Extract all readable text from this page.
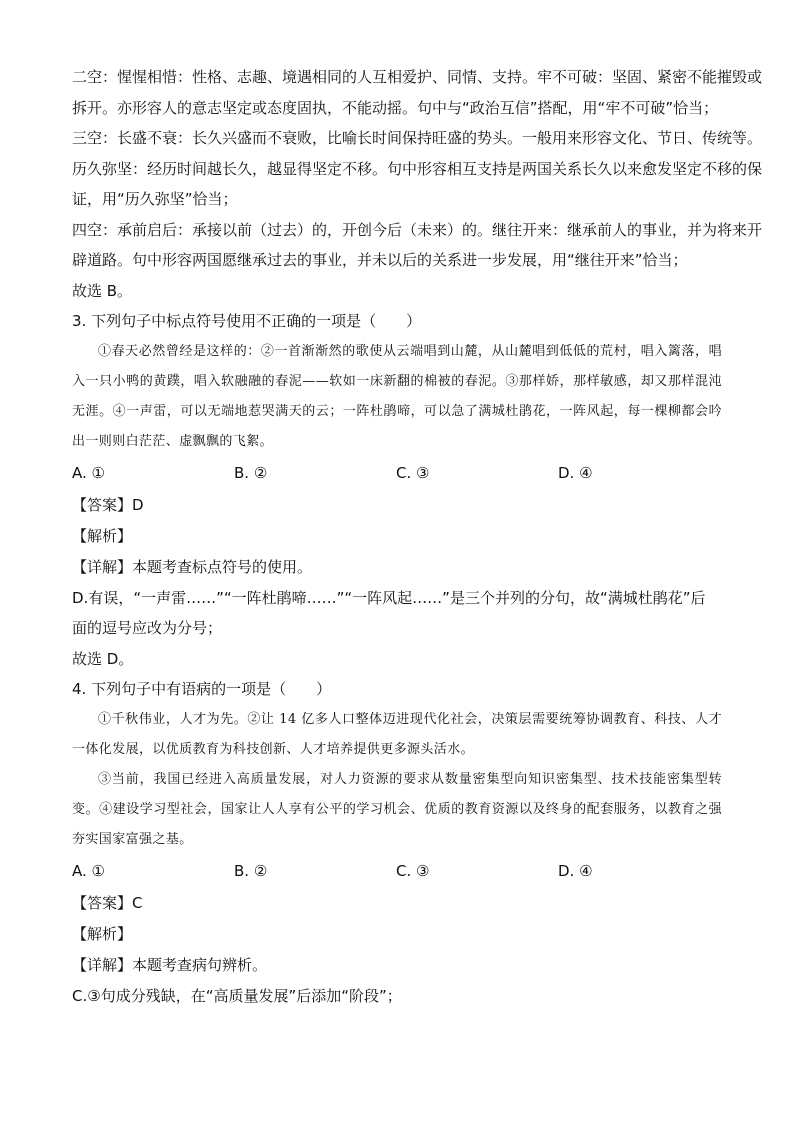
二空：惺惺相惜：性格、志趣、境遇相同的人互相爱护、同情、支持。牢不可破：坚固、紧密不能摧毁或

拆开。亦形容人的意志坚定或态度固执，不能动摇。句中与“政治互信”搭配，用“牢不可破”恰当；

三空：长盛不衰：长久兴盛而不衰败，比喻长时间保持旺盛的势头。一般用来形容文化、节日、传统等。

历久弥坚：经历时间越长久，越显得坚定不移。句中形容相互支持是两国关系长久以来愈发坚定不移的保

证，用“历久弥坚”恰当；

四空：承前启后：承接以前（过去）的，开创今后（未来）的。继往开来：继承前人的事业，并为将来开

辟道路。句中形容两国愿继承过去的事业，并未以后的关系进一步发展，用“继往开来”恰当；

故选 B。

3. 下列句子中标点符号使用不正确的一项是（　　）

①春天必然曾经是这样的：②一首渐渐然的歌使从云端唱到山麓，从山麓唱到低低的荒村，唱入篱落，唱入一只小鸭的黄蹼，唱入软融融的春泥——软如一床新翻的棉被的春泥。③那样娇，那样敏感，却又那样混沌无涯。④一声雷，可以无端地惹哭满天的云；一阵杜鹃啼，可以急了满城杜鹃花，一阵风起，每一棵柳都会吟出一则则白茫茫、虚飘飘的飞絮。

A. ①	B. ②	C. ③	D. ④

【答案】D

【解析】

【详解】本题考查标点符号的使用。

D.有误，“一声雷……”“一阵杜鹃啼……”“一阵风起……”是三个并列的分句，故“满城杜鹃花”后

面的逗号应改为分号；

故选 D。

4. 下列句子中有语病的一项是（　　）

①千秋伟业，人才为先。②让 14 亿多人口整体迈进现代化社会，决策层需要统筹协调教育、科技、人才一体化发展，以优质教育为科技创新、人才培养提供更多源头活水。

③当前，我国已经进入高质量发展，对人力资源的要求从数量密集型向知识密集型、技术技能密集型转变。④建设学习型社会，国家让人人享有公平的学习机会、优质的教育资源以及终身的配套服务，以教育之强夯实国家富强之基。

A. ①	B. ②	C. ③	D. ④

【答案】C

【解析】

【详解】本题考查病句辨析。

C.③句成分残缺，在“高质量发展”后添加“阶段”；
